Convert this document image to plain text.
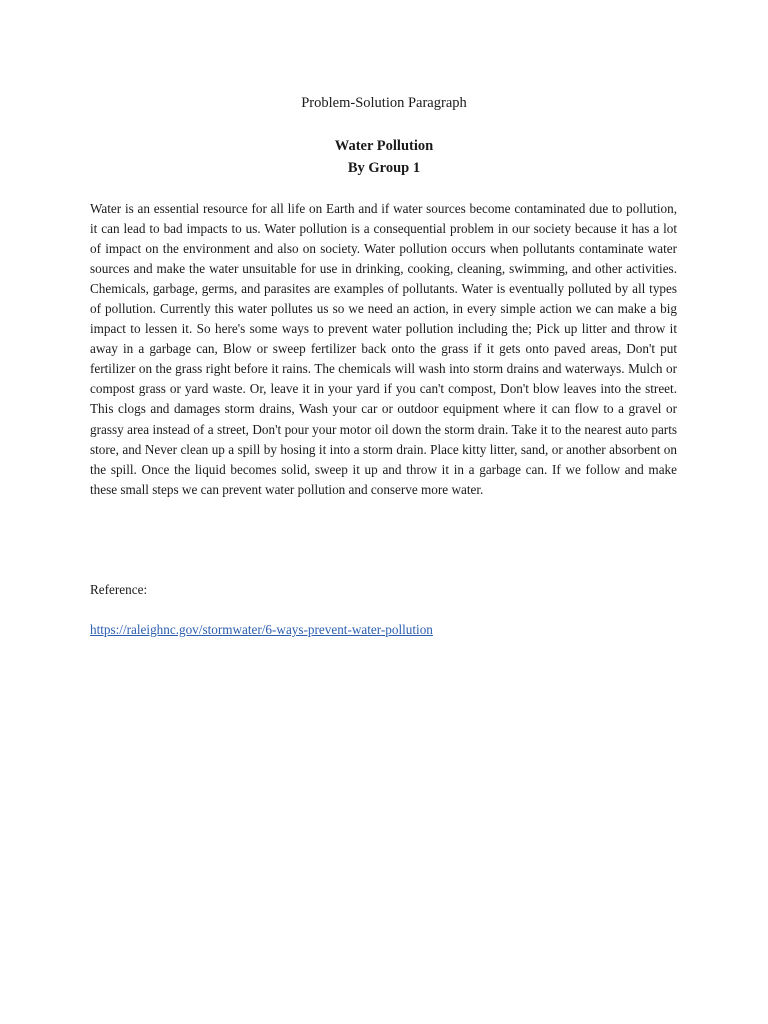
Problem-Solution Paragraph
Water Pollution
By Group 1

Water is an essential resource for all life on Earth and if water sources become contaminated due to pollution, it can lead to bad impacts to us. Water pollution is a consequential problem in our society because it has a lot of impact on the environment and also on society. Water pollution occurs when pollutants contaminate water sources and make the water unsuitable for use in drinking, cooking, cleaning, swimming, and other activities. Chemicals, garbage, germs, and parasites are examples of pollutants. Water is eventually polluted by all types of pollution. Currently this water pollutes us so we need an action, in every simple action we can make a big impact to lessen it. So here's some ways to prevent water pollution including the; Pick up litter and throw it away in a garbage can, Blow or sweep fertilizer back onto the grass if it gets onto paved areas, Don't put fertilizer on the grass right before it rains. The chemicals will wash into storm drains and waterways. Mulch or compost grass or yard waste. Or, leave it in your yard if you can't compost, Don't blow leaves into the street. This clogs and damages storm drains, Wash your car or outdoor equipment where it can flow to a gravel or grassy area instead of a street, Don't pour your motor oil down the storm drain. Take it to the nearest auto parts store, and Never clean up a spill by hosing it into a storm drain. Place kitty litter, sand, or another absorbent on the spill. Once the liquid becomes solid, sweep it up and throw it in a garbage can. If we follow and make these small steps we can prevent water pollution and conserve more water.

Reference:
https://raleighnc.gov/stormwater/6-ways-prevent-water-pollution
